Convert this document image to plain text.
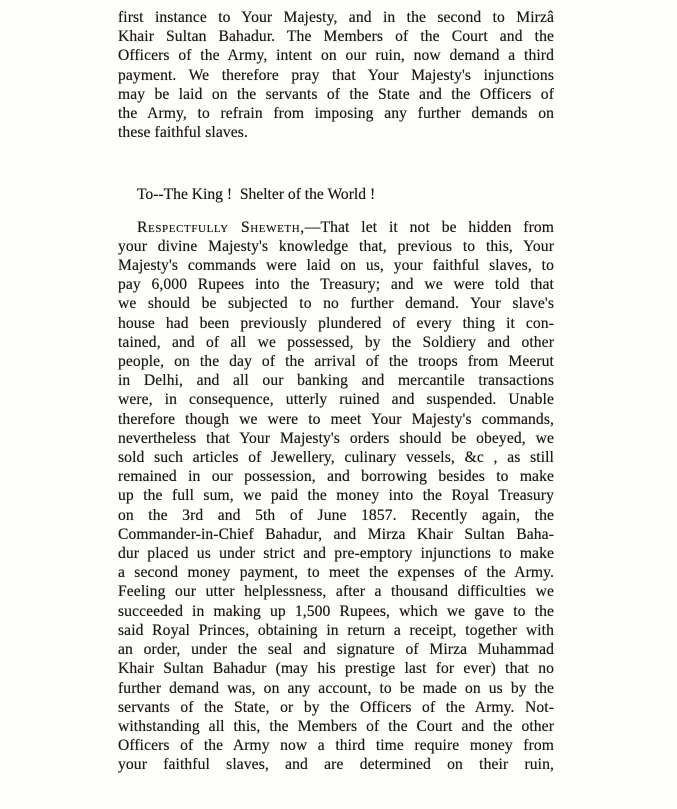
first instance to Your Majesty, and in the second to Mirzâ
Khair Sultan Bahadur. The Members of the Court and the
Officers of the Army, intent on our ruin, now demand a third
payment. We therefore pray that Your Majesty's injunctions
may be laid on the servants of the State and the Officers of
the Army, to refrain from imposing any further demands on
these faithful slaves.
To--The King !  Shelter of the World !
Respectfully Sheweth,—That let it not be hidden from
your divine Majesty's knowledge that, previous to this, Your
Majesty's commands were laid on us, your faithful slaves, to
pay 6,000 Rupees into the Treasury; and we were told that
we should be subjected to no further demand. Your slave's
house had been previously plundered of every thing it con-
tained, and of all we possessed, by the Soldiery and other
people, on the day of the arrival of the troops from Meerut
in Delhi, and all our banking and mercantile transactions
were, in consequence, utterly ruined and suspended. Unable
therefore though we were to meet Your Majesty's commands,
nevertheless that Your Majesty's orders should be obeyed, we
sold such articles of Jewellery, culinary vessels, &c , as still
remained in our possession, and borrowing besides to make
up the full sum, we paid the money into the Royal Treasury
on the 3rd and 5th of June 1857. Recently again, the
Commander-in-Chief Bahadur, and Mirza Khair Sultan Baha-
dur placed us under strict and pre-emptory injunctions to make
a second money payment, to meet the expenses of the Army.
Feeling our utter helplessness, after a thousand difficulties we
succeeded in making up 1,500 Rupees, which we gave to the
said Royal Princes, obtaining in return a receipt, together with
an order, under the seal and signature of Mirza Muhammad
Khair Sultan Bahadur (may his prestige last for ever) that no
further demand was, on any account, to be made on us by the
servants of the State, or by the Officers of the Army. Not-
withstanding all this, the Members of the Court and the other
Officers of the Army now a third time require money from
your faithful slaves, and are determined on their ruin,
